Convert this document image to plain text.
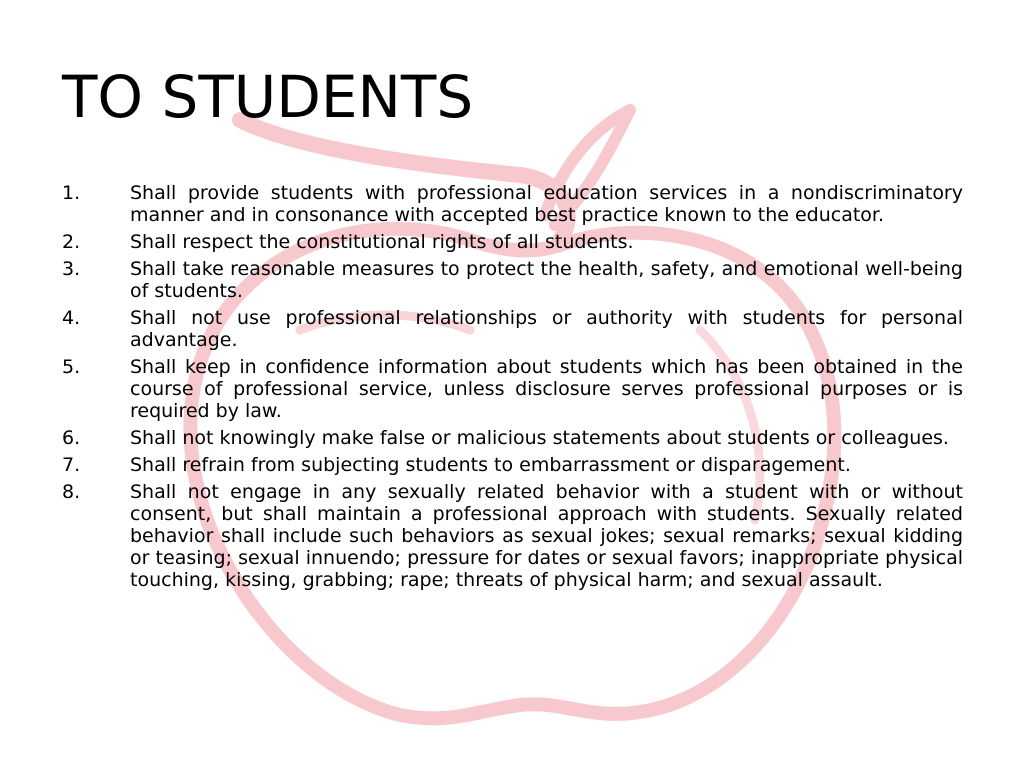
TO STUDENTS
1.	Shall provide students with professional education services in a nondiscriminatory manner and in consonance with accepted best practice known to the educator.
2.	Shall respect the constitutional rights of all students.
3.	Shall take reasonable measures to protect the health, safety, and emotional well-being of students.
4.	Shall not use professional relationships or authority with students for personal advantage.
5.	Shall keep in confidence information about students which has been obtained in the course of professional service, unless disclosure serves professional purposes or is required by law.
6.	Shall not knowingly make false or malicious statements about students or colleagues.
7.	Shall refrain from subjecting students to embarrassment or disparagement.
8.	Shall not engage in any sexually related behavior with a student with or without consent, but shall maintain a professional approach with students. Sexually related behavior shall include such behaviors as sexual jokes; sexual remarks; sexual kidding or teasing; sexual innuendo; pressure for dates or sexual favors; inappropriate physical touching, kissing, grabbing; rape; threats of physical harm; and sexual assault.
